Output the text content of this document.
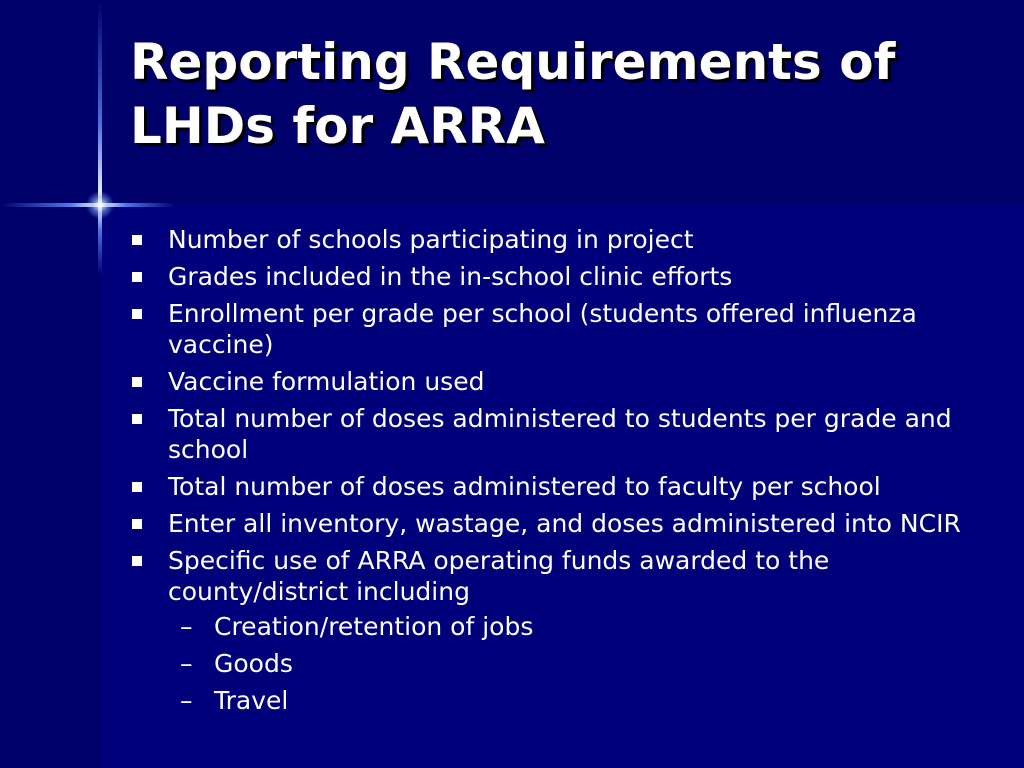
Reporting Requirements of LHDs for ARRA
Number of schools participating in project
Grades included in the in-school clinic efforts
Enrollment per grade per school (students offered influenza vaccine)
Vaccine formulation used
Total number of doses administered to students per grade and school
Total number of doses administered to faculty per school
Enter all inventory, wastage, and doses administered into NCIR
Specific use of ARRA operating funds awarded to the county/district including
– Creation/retention of jobs
– Goods
– Travel
